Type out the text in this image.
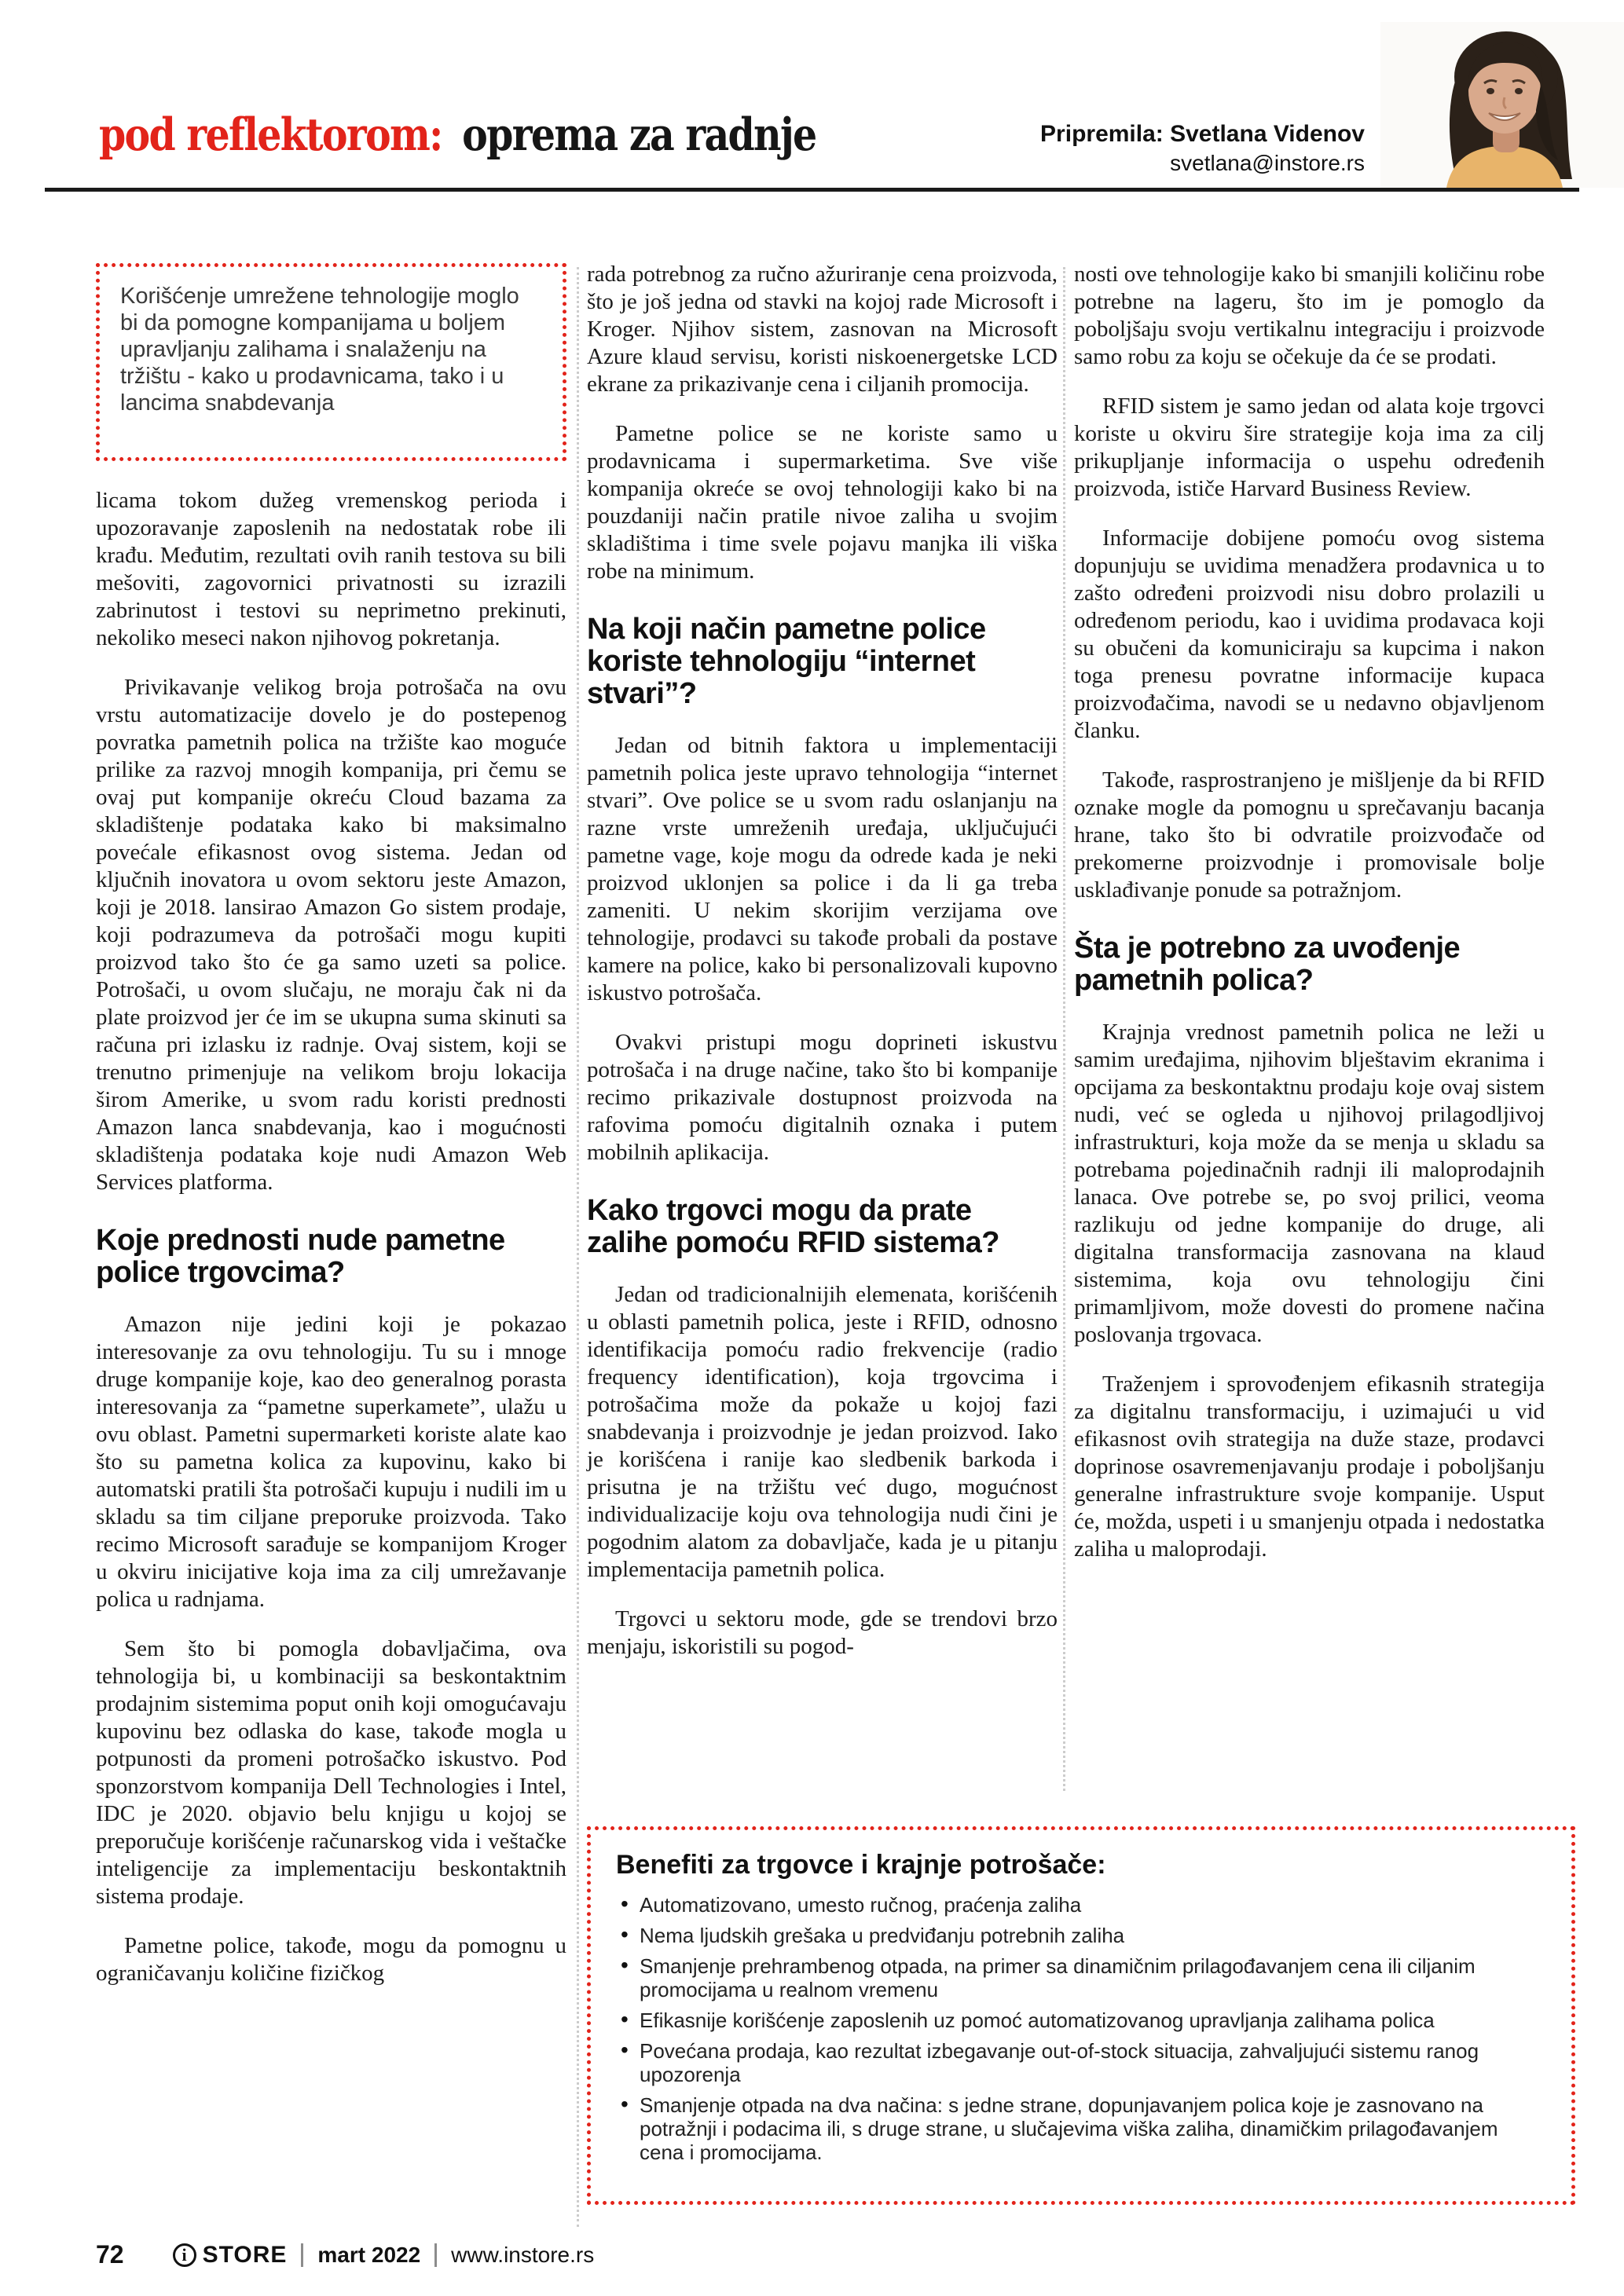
pod reflektorom: oprema za radnje	Pripremila: Svetlana Videnov
svetlana@instore.rs

Korišćenje umrežene tehnologije moglo bi da pomogne kompanijama u boljem upravljanju zalihama i snalaženju na tržištu - kako u prodavnicama, tako i u lancima snabdevanja

licama tokom dužeg vremenskog perioda i upozoravanje zaposlenih na nedostatak robe ili krađu. Međutim, rezultati ovih ranih testova su bili mešoviti, zagovornici privatnosti su izrazili zabrinutost i testovi su neprimetno prekinuti, nekoliko meseci nakon njihovog pokretanja.

Privikavanje velikog broja potrošača na ovu vrstu automatizacije dovelo je do postepenog povratka pametnih polica na tržište kao moguće prilike za razvoj mnogih kompanija, pri čemu se ovaj put kompanije okreću Cloud bazama za skladištenje podataka kako bi maksimalno povećale efikasnost ovog sistema. Jedan od ključnih inovatora u ovom sektoru jeste Amazon, koji je 2018. lansirao Amazon Go sistem prodaje, koji podrazumeva da potrošači mogu kupiti proizvod tako što će ga samo uzeti sa police. Potrošači, u ovom slučaju, ne moraju čak ni da plate proizvod jer će im se ukupna suma skinuti sa računa pri izlasku iz radnje. Ovaj sistem, koji se trenutno primenjuje na velikom broju lokacija širom Amerike, u svom radu koristi prednosti Amazon lanca snabdevanja, kao i mogućnosti skladištenja podataka koje nudi Amazon Web Services platforma.

Koje prednosti nude pametne police trgovcima?

Amazon nije jedini koji je pokazao interesovanje za ovu tehnologiju. Tu su i mnoge druge kompanije koje, kao deo generalnog porasta interesovanja za “pametne superkamete”, ulažu u ovu oblast. Pametni supermarketi koriste alate kao što su pametna kolica za kupovinu, kako bi automatski pratili šta potrošači kupuju i nudili im u skladu sa tim ciljane preporuke proizvoda. Tako recimo Microsoft sarađuje se kompanijom Kroger u okviru inicijative koja ima za cilj umrežavanje polica u radnjama.

Sem što bi pomogla dobavljačima, ova tehnologija bi, u kombinaciji sa beskontaktnim prodajnim sistemima poput onih koji omogućavaju kupovinu bez odlaska do kase, takođe mogla u potpunosti da promeni potrošačko iskustvo. Pod sponzorstvom kompanija Dell Technologies i Intel, IDC je 2020. objavio belu knjigu u kojoj se preporučuje korišćenje računarskog vida i veštačke inteligencije za implementaciju beskontaktnih sistema prodaje.

Pametne police, takođe, mogu da pomognu u ograničavanju količine fizičkog

rada potrebnog za ručno ažuriranje cena proizvoda, što je još jedna od stavki na kojoj rade Microsoft i Kroger. Njihov sistem, zasnovan na Microsoft Azure klaud servisu, koristi niskoenergetske LCD ekrane za prikazivanje cena i ciljanih promocija.

Pametne police se ne koriste samo u prodavnicama i supermarketima. Sve više kompanija okreće se ovoj tehnologiji kako bi na pouzdaniji način pratile nivoe zaliha u svojim skladištima i time svele pojavu manjka ili viška robe na minimum.

Na koji način pametne police koriste tehnologiju “internet stvari”?

Jedan od bitnih faktora u implementaciji pametnih polica jeste upravo tehnologija “internet stvari”. Ove police se u svom radu oslanjanju na razne vrste umreženih uređaja, uključujući pametne vage, koje mogu da odrede kada je neki proizvod uklonjen sa police i da li ga treba zameniti. U nekim skorijim verzijama ove tehnologije, prodavci su takođe probali da postave kamere na police, kako bi personalizovali kupovno iskustvo potrošača.

Ovakvi pristupi mogu doprineti iskustvu potrošača i na druge načine, tako što bi kompanije recimo prikazivale dostupnost proizvoda na rafovima pomoću digitalnih oznaka i putem mobilnih aplikacija.

Kako trgovci mogu da prate zalihe pomoću RFID sistema?

Jedan od tradicionalnijih elemenata, korišćenih u oblasti pametnih polica, jeste i RFID, odnosno identifikacija pomoću radio frekvencije (radio frequency identification), koja trgovcima i potrošačima može da pokaže u kojoj fazi snabdevanja i proizvodnje je jedan proizvod. Iako je korišćena i ranije kao sledbenik barkoda i prisutna je na tržištu već dugo, mogućnost individualizacije koju ova tehnologija nudi čini je pogodnim alatom za dobavljače, kada je u pitanju implementacija pametnih polica.

Trgovci u sektoru mode, gde se trendovi brzo menjaju, iskoristili su pogod-

nosti ove tehnologije kako bi smanjili količinu robe potrebne na lageru, što im je pomoglo da poboljšaju svoju vertikalnu integraciju i proizvode samo robu za koju se očekuje da će se prodati.

RFID sistem je samo jedan od alata koje trgovci koriste u okviru šire strategije koja ima za cilj prikupljanje informacija o uspehu određenih proizvoda, ističe Harvard Business Review.

Informacije dobijene pomoću ovog sistema dopunjuju se uvidima menadžera prodavnica u to zašto određeni proizvodi nisu dobro prolazili u određenom periodu, kao i uvidima prodavaca koji su obučeni da komuniciraju sa kupcima i nakon toga prenesu povratne informacije kupaca proizvođačima, navodi se u nedavno objavljenom članku.

Takođe, rasprostranjeno je mišljenje da bi RFID oznake mogle da pomognu u sprečavanju bacanja hrane, tako što bi odvratile proizvođače od prekomerne proizvodnje i promovisale bolje usklađivanje ponude sa potražnjom.

Šta je potrebno za uvođenje pametnih polica?

Krajnja vrednost pametnih polica ne leži u samim uređajima, njihovim blještavim ekranima i opcijama za beskontaktnu prodaju koje ovaj sistem nudi, već se ogleda u njihovoj prilagodljivoj infrastrukturi, koja može da se menja u skladu sa potrebama pojedinačnih radnji ili maloprodajnih lanaca. Ove potrebe se, po svoj prilici, veoma razlikuju od jedne kompanije do druge, ali digitalna transformacija zasnovana na klaud sistemima, koja ovu tehnologiju čini primamljivom, može dovesti do promene načina poslovanja trgovaca.

Traženjem i sprovođenjem efikasnih strategija za digitalnu transformaciju, i uzimajući u vid efikasnost ovih strategija na duže staze, prodavci doprinose osavremenjavanju prodaje i poboljšanju generalne infrastrukture svoje kompanije. Usput će, možda, uspeti i u smanjenju otpada i nedostatka zaliha u maloprodaji.

Benefiti za trgovce i krajnje potrošače:
• Automatizovano, umesto ručnog, praćenja zaliha
• Nema ljudskih grešaka u predviđanju potrebnih zaliha
• Smanjenje prehrambenog otpada, na primer sa dinamičnim prilagođavanjem cena ili ciljanim promocijama u realnom vremenu
• Efikasnije korišćenje zaposlenih uz pomoć automatizovanog upravljanja zalihama polica
• Povećana prodaja, kao rezultat izbegavanje out-of-stock situacija, zahvaljujući sistemu ranog upozorenja
• Smanjenje otpada na dva načina: s jedne strane, dopunjavanjem polica koje je zasnovano na potražnji i podacima ili, s druge strane, u slučajevima viška zaliha, dinamičkim prilagođavanjem cena i promocijama.
72	i STORE mart 2022 www.instore.rs
